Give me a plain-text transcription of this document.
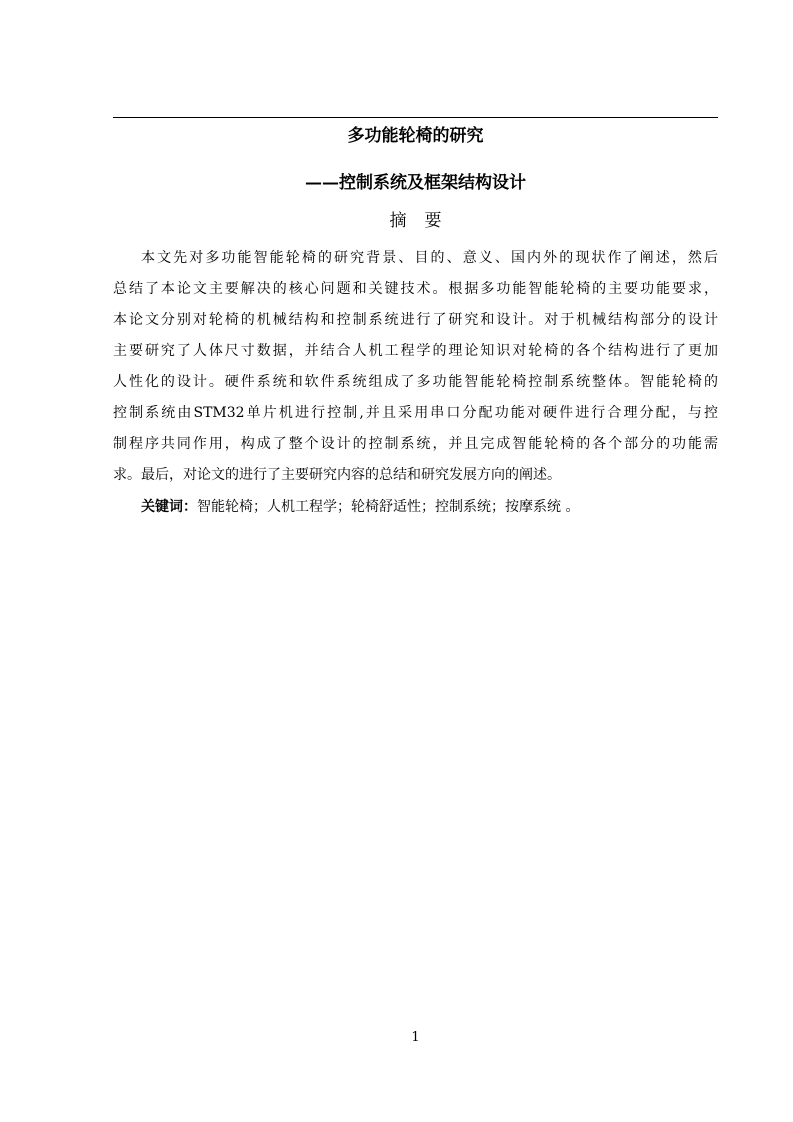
多功能轮椅的研究
——控制系统及框架结构设计
摘要
本文先对多功能智能轮椅的研究背景、目的、意义、国内外的现状作了阐述，然后
总结了本论文主要解决的核心问题和关键技术。根据多功能智能轮椅的主要功能要求，
本论文分别对轮椅的机械结构和控制系统进行了研究和设计。对于机械结构部分的设计
主要研究了人体尺寸数据，并结合人机工程学的理论知识对轮椅的各个结构进行了更加
人性化的设计。硬件系统和软件系统组成了多功能智能轮椅控制系统整体。智能轮椅的
控制系统由STM32单片机进行控制,并且采用串口分配功能对硬件进行合理分配，与控
制程序共同作用，构成了整个设计的控制系统，并且完成智能轮椅的各个部分的功能需
求。最后，对论文的进行了主要研究内容的总结和研究发展方向的阐述。
关键词：智能轮椅；人机工程学；轮椅舒适性；控制系统；按摩系统 。
1
